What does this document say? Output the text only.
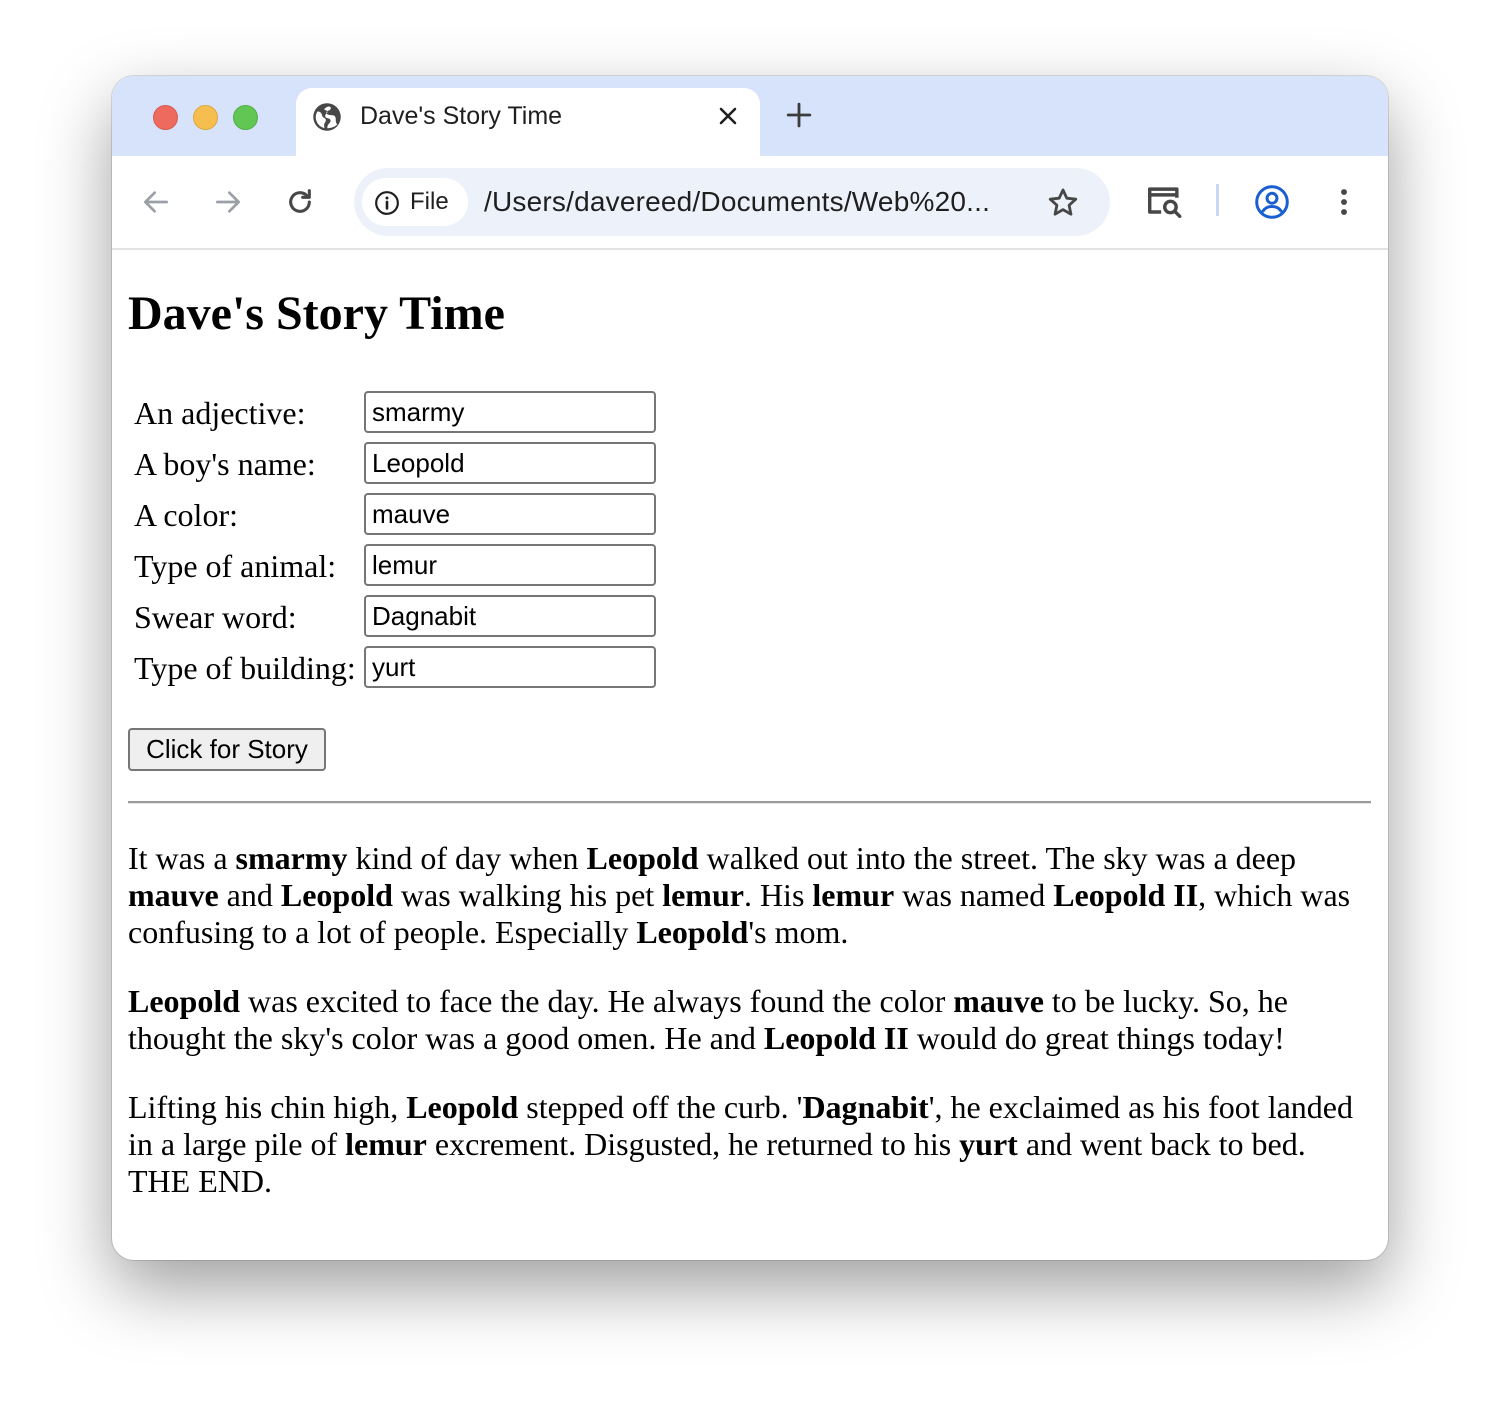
Dave's Story Time
File /Users/davereed/Documents/Web%20...
Dave's Story Time
An adjective:
smarmy
A boy's name:
Leopold
A color:
mauve
Type of animal:
lemur
Swear word:
Dagnabit
Type of building:
yurt
Click for Story

It was a smarmy kind of day when Leopold walked out into the street. The sky was a deep mauve and Leopold was walking his pet lemur. His lemur was named Leopold II, which was confusing to a lot of people. Especially Leopold's mom.

Leopold was excited to face the day. He always found the color mauve to be lucky. So, he thought the sky's color was a good omen. He and Leopold II would do great things today!

Lifting his chin high, Leopold stepped off the curb. 'Dagnabit', he exclaimed as his foot landed in a large pile of lemur excrement. Disgusted, he returned to his yurt and went back to bed. THE END.
